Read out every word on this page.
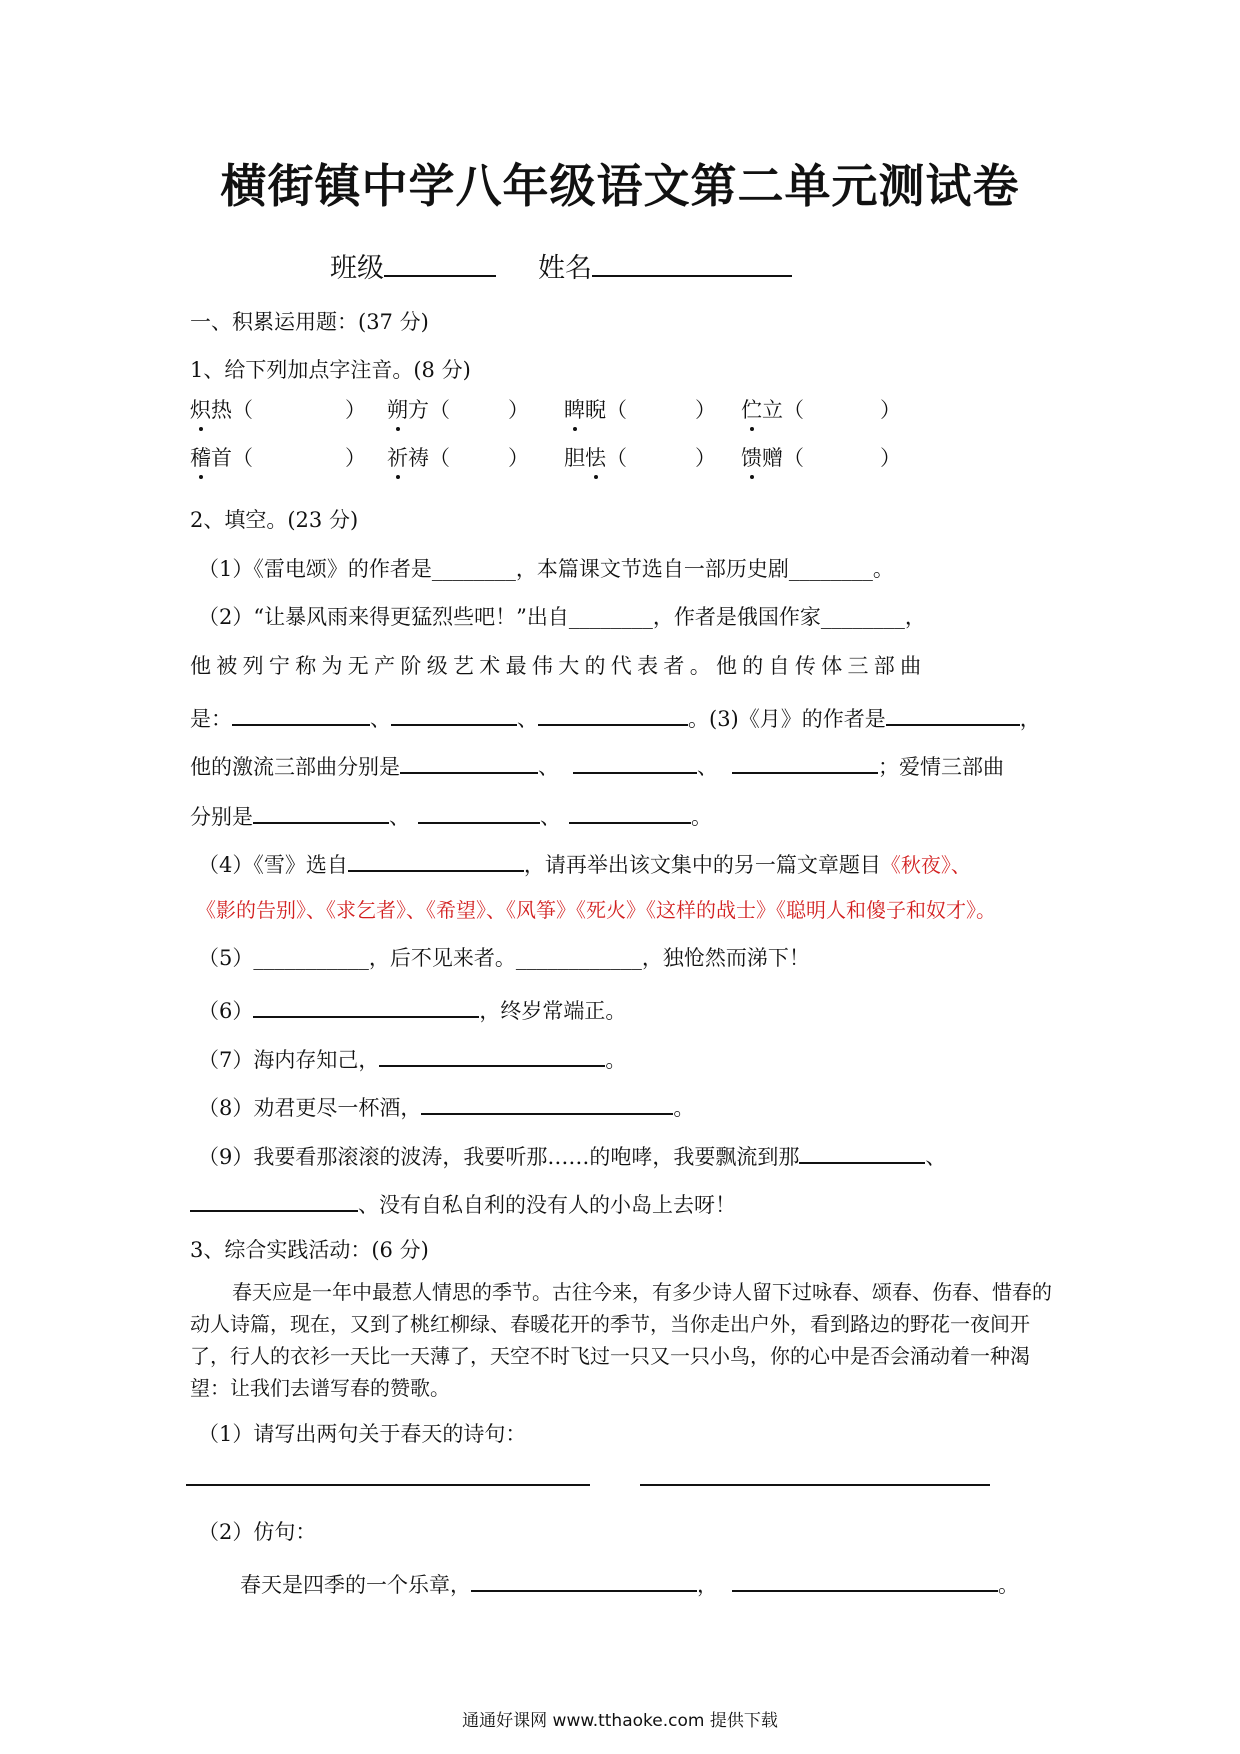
横街镇中学八年级语文第二单元测试卷
班级	姓名
一、积累运用题：(37 分)
1、给下列加点字注音。(8 分)
炽热（	） 朔方（	） 睥睨（	） 伫立（	）
稽首（	） 祈祷（	） 胆怯（	） 馈赠（	）
2、填空。(23 分)
（1）《雷电颂》的作者是________，本篇课文节选自一部历史剧________。
（2）“让暴风雨来得更猛烈些吧！”出自________，作者是俄国作家________，
他被列宁称为无产阶级艺术最伟大的代表者。他的自传体三部曲
是：	、	、	。(3)《月》的作者是	，
他的激流三部曲分别是	、	、	；爱情三部曲
分别是	、	、	。
（4）《雪》选自	，请再举出该文集中的另一篇文章题目《秋夜》、
《影的告别》、《求乞者》、《希望》、《风筝》《死火》《这样的战士》《聪明人和傻子和奴才》。
（5）___________，后不见来者。____________，独怆然而涕下！
（6）	，终岁常端正。
（7）海内存知己，	。
（8）劝君更尽一杯酒，	。
（9）我要看那滚滚的波涛，我要听那……的咆哮，我要飘流到那	、
、没有自私自利的没有人的小岛上去呀！
3、综合实践活动：(6 分)
春天应是一年中最惹人情思的季节。古往今来，有多少诗人留下过咏春、颂春、伤春、惜春的动人诗篇，现在，又到了桃红柳绿、春暖花开的季节，当你走出户外，看到路边的野花一夜间开了，行人的衣衫一天比一天薄了，天空不时飞过一只又一只小鸟，你的心中是否会涌动着一种渴望：让我们去谱写春的赞歌。
（1）请写出两句关于春天的诗句：
（2）仿句：
春天是四季的一个乐章，	，	。
通通好课网 www.tthaoke.com 提供下载
